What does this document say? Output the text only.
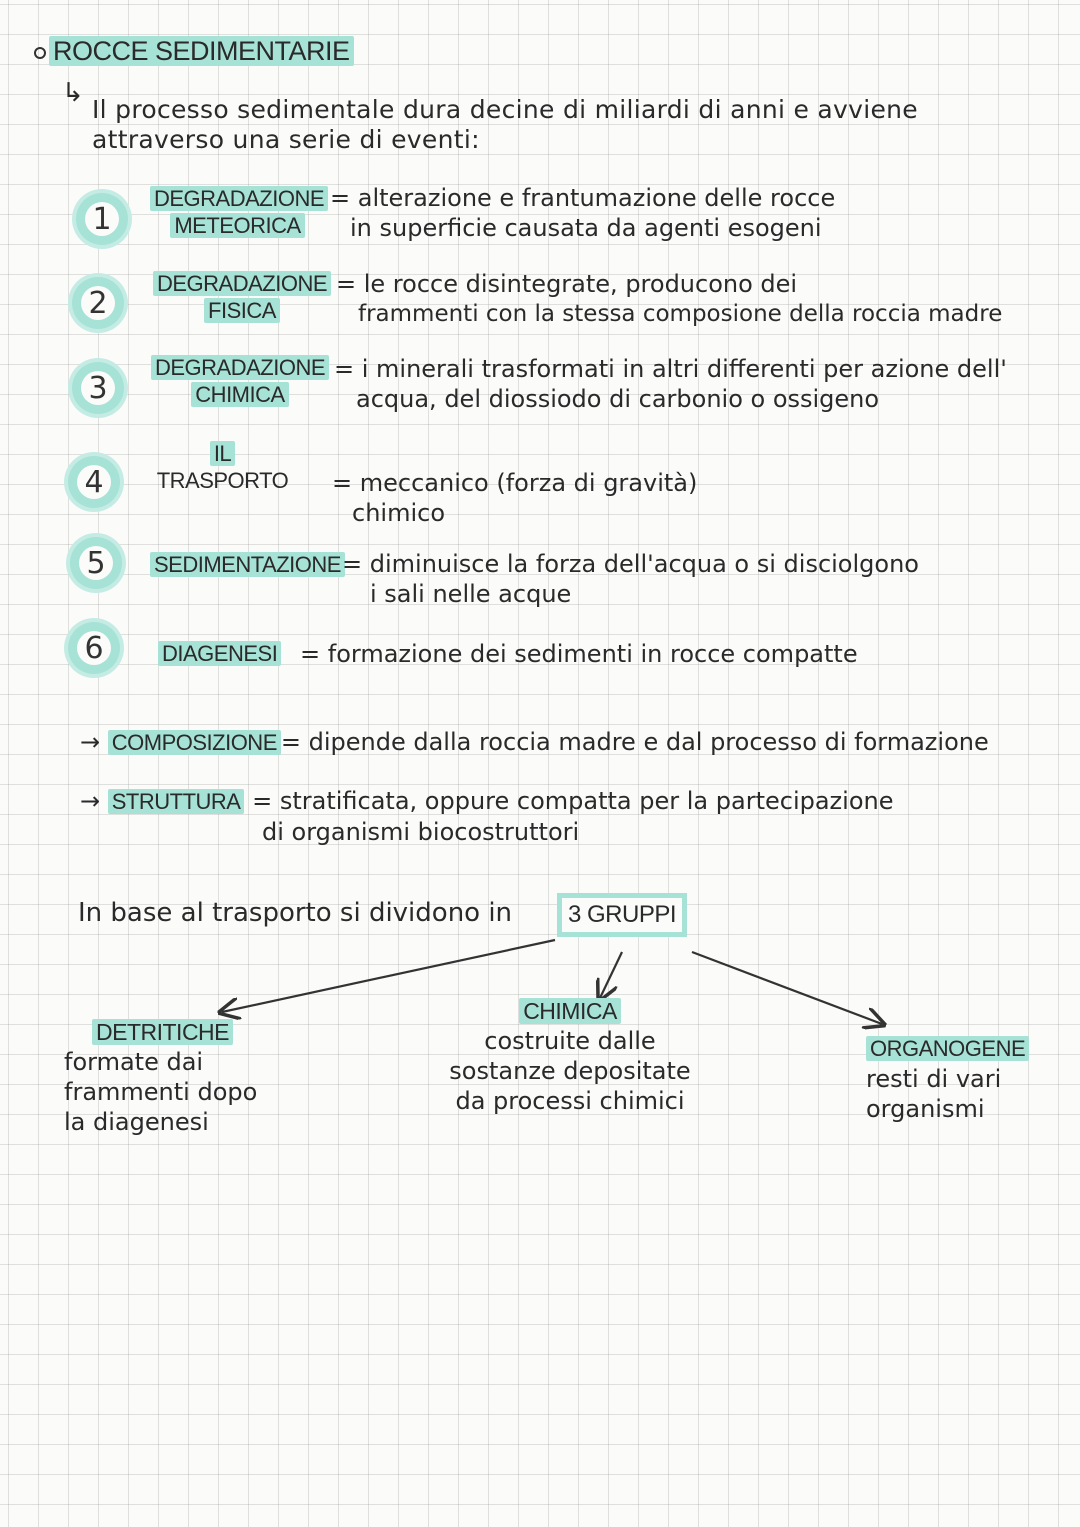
ROCCE SEDIMENTARIE
↳
Il processo sedimentale dura decine di miliardi di anni e avviene
attraverso una serie di eventi:
1
DEGRADAZIONE
METEORICA
= alterazione e frantumazione delle rocce
in superficie causata da agenti esogeni
2
DEGRADAZIONE
FISICA
= le rocce disintegrate, producono dei
frammenti con la stessa composione della roccia madre
3
DEGRADAZIONE
CHIMICA
= i minerali trasformati in altri differenti per azione dell'
acqua, del diossiodo di carbonio o ossigeno
4
IL
TRASPORTO = meccanico (forza di gravità)
chimico
5	SEDIMENTAZIONE = diminuisce la forza dell'acqua o si disciolgono
i sali nelle acque
6	DIAGENESI = formazione dei sedimenti in rocce compatte
→ COMPOSIZIONE = dipende dalla roccia madre e dal processo di formazione
→ STRUTTURA = stratificata, oppure compatta per la partecipazione
di organismi biocostruttori
In base al trasporto si dividono in	3 GRUPPI
DETRITICHE
formate dai
frammenti dopo
la diagenesi
CHIMICA
costruite dalle
sostanze depositate
da processi chimici
ORGANOGENE
resti di vari
organismi
